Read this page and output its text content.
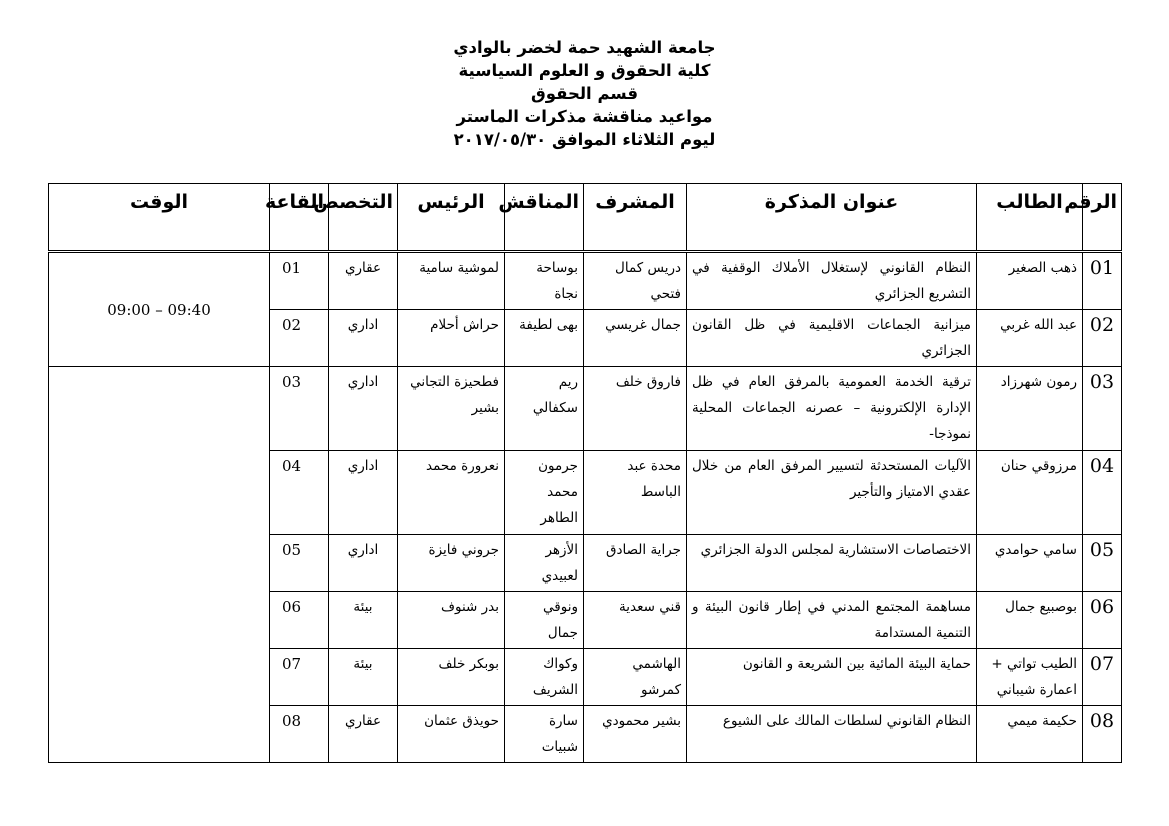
جامعة الشهيد حمة لخضر بالوادي
كلية الحقوق و العلوم السياسية
قسم الحقوق
مواعيد مناقشة مذكرات الماستر
ليوم الثلاثاء الموافق ٢٠١٧/٠٥/٣٠
الرقم	الطالب	عنوان المذكرة	المشرف	المناقش	الرئيس	التخصص	القاعة	الوقت
01	ذهب الصغير	النظام القانوني لإستغلال الأملاك الوقفية في التشريع الجزائري	دريس كمال فتحي	بوساحة نجاة	لموشية سامية	عقاري	01	09:00 – 09:40
02	عبد الله غربي	ميزانية الجماعات الاقليمية في ظل القانون الجزائري	جمال غريسي	بهى لطيفة	حراش أحلام	اداري	02	
03	رمون شهرزاد	ترقية الخدمة العمومية بالمرفق العام في ظل الإدارة الإلكترونية – عصرنه الجماعات المحلية نموذجا-	فاروق خلف	ريم سكفالي	فطحيزة التجاني بشير	اداري	03	
04	مرزوقي حنان	الآليات المستحدثة لتسيير المرفق العام من خلال عقدي الامتياز والتأجير	محدة عبد الباسط	جرمون محمد الطاهر	نعرورة محمد	اداري	04	
05	سامي حوامدي	الاختصاصات الاستشارية لمجلس الدولة الجزائري	جراية الصادق	الأزهر لعبيدي	جروني فايزة	اداري	05	
06	بوصبيع جمال	مساهمة المجتمع المدني في إطار قانون البيئة و التنمية المستدامة	قني سعدية	ونوقي جمال	بدر شنوف	بيئة	06	
07	الطيب تواتي + اعمارة شيباني	حماية البيئة المائية بين الشريعة و القانون	الهاشمي كمرشو	وكواك الشريف	بوبكر خلف	بيئة	07	
08	حكيمة ميمي	النظام القانوني لسلطات المالك على الشيوع	بشير محمودي	سارة شبيات	حويذق عثمان	عقاري	08	
